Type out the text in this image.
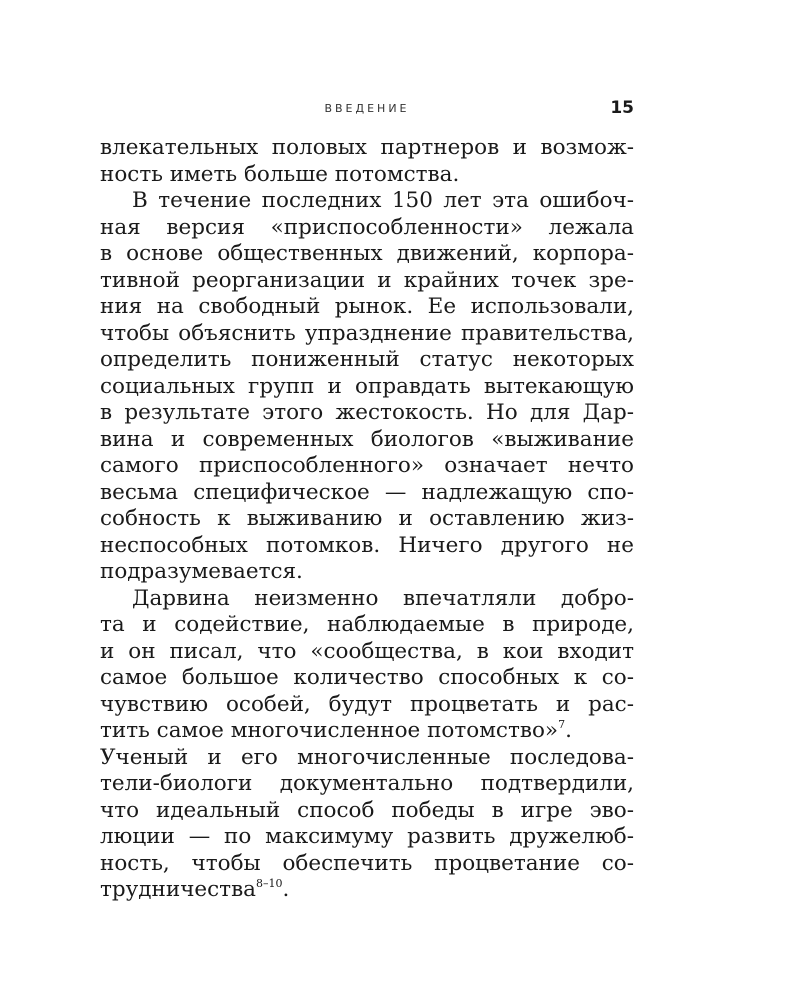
ВВЕДЕНИЕ	15
влекательных половых партнеров и возмож-
ность иметь больше потомства.
В течение последних 150 лет эта ошибоч-
ная версия «приспособленности» лежала
в основе общественных движений, корпора-
тивной реорганизации и крайних точек зре-
ния на свободный рынок. Ее использовали,
чтобы объяснить упразднение правительства,
определить пониженный статус некоторых
социальных групп и оправдать вытекающую
в результате этого жестокость. Но для Дар-
вина и современных биологов «выживание
самого приспособленного» означает нечто
весьма специфическое — надлежащую спо-
собность к выживанию и оставлению жиз-
неспособных потомков. Ничего другого не
подразумевается.
Дарвина неизменно впечатляли добро-
та и содействие, наблюдаемые в природе,
и он писал, что «сообщества, в кои входит
самое большое количество способных к со-
чувствию особей, будут процветать и рас-
тить самое многочисленное потомство»$^7$.
Ученый и его многочисленные последова-
тели-биологи документально подтвердили,
что идеальный способ победы в игре эво-
люции — по максимуму развить дружелюб-
ность, чтобы обеспечить процветание со-
трудничества$^{8-10}$.
